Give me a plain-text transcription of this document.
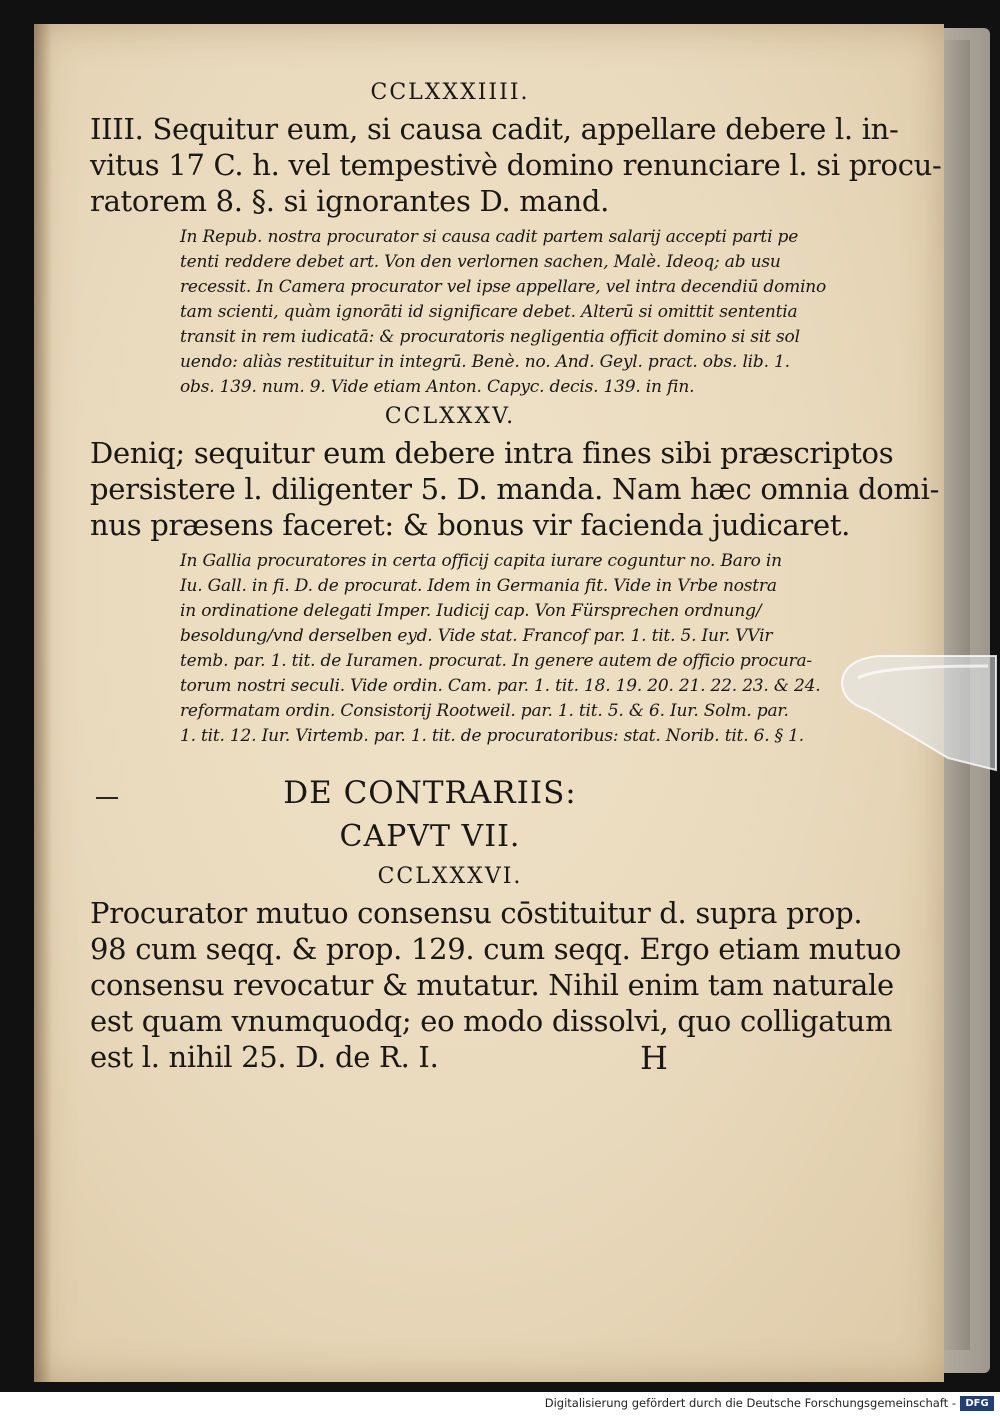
CCLXXXIIII.

IIII. Sequitur eum, si causa cadit, appellare debere l. in-
vitus 17 C. h. vel tempestivè domino renunciare l. si procu-
ratorem 8. §. si ignorantes D. mand.

In Repub. nostra procurator si causa cadit partem salarij accepti parti pe
tenti reddere debet art. Von den verlornen sachen, Malè. Ideoq; ab usu
recessit. In Camera procurator vel ipse appellare, vel intra decendiū domino
tam scienti, quàm ignorāti id significare debet. Alterū si omittit sententia
transit in rem iudicatā: & procuratoris negligentia officit domino si sit sol
uendo: aliàs restituitur in integrū. Benè. no. And. Geyl. pract. obs. lib. 1.
obs. 139. num. 9. Vide etiam Anton. Capyc. decis. 139. in fin.
CCLXXXV.

Deniq; sequitur eum debere intra fines sibi præscriptos
persistere l. diligenter 5. D. manda. Nam hæc omnia domi-
nus præsens faceret: & bonus vir facienda judicaret.

In Gallia procuratores in certa officij capita iurare coguntur no. Baro in
Iu. Gall. in fi. D. de procurat. Idem in Germania fit. Vide in Vrbe nostra
in ordinatione delegati Imper. Iudicij cap. Von Fürsprechen ordnung/
besoldung/vnd derselben eyd. Vide stat. Francof par. 1. tit. 5. Iur. VVir
temb. par. 1. tit. de Iuramen. procurat. In genere autem de officio procura-
torum nostri seculi. Vide ordin. Cam. par. 1. tit. 18. 19. 20. 21. 22. 23. & 24.
reformatam ordin. Consistorij Rootweil. par. 1. tit. 5. & 6. Iur. Solm. par.
1. tit. 12. Iur. Virtemb. par. 1. tit. de procuratoribus: stat. Norib. tit. 6. § 1.
DE CONTRARIIS:
CAPVT VII.
CCLXXXVI.

Procurator mutuo consensu cōstituitur d. supra prop.
98 cum seqq. & prop. 129. cum seqq. Ergo etiam mutuo
consensu revocatur & mutatur. Nihil enim tam naturale
est quam vnumquodq; eo modo dissolvi, quo colligatum
est l. nihil 25. D. de R. I.	H
Digitalisierung gefördert durch die Deutsche Forschungsgemeinschaft - DFG
